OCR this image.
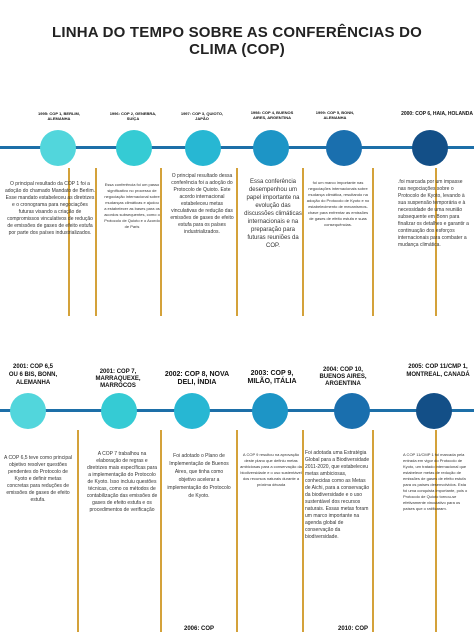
LINHA DO TEMPO SOBRE AS CONFERÊNCIAS DO CLIMA (COP)
1995: COP 1, BERLIM, ALEMANHA
1996: COP 2, GENEBRA, SUÍÇA
1997: COP 3, QUIOTO, JAPÃO
1998: COP 4, BUENOS AIRES, ARGENTINA
1999: COP 5, BONN, ALEMANHA
2000: COP 6, HAIA, HOLANDA
O principal resultado da COP 1 foi a adoção do chamado Mandato de Berlim. Esse mandato estabeleceu as diretrizes e o cronograma para negociações futuras visando a criação de compromissos vinculativos de redução de emissões de gases de efeito estufa por parte dos países industrializados.
Essa conferência foi um passo significativo no processo de negociação internacional sobre mudanças climáticas e ajudou a estabelecer as bases para os acordos subsequentes, como o Protocolo de Quioto e o Acordo de Paris
O principal resultado dessa conferência foi a adoção do Protocolo de Quioto. Este acordo internacional estabeleceu metas vinculativas de redução das emissões de gases de efeito estufa para os países industrializados.
Essa conferência desempenhou um papel importante na evolução das discussões climáticas internacionais e na preparação para futuras reuniões da COP.
foi um marco importante nas negociações internacionais sobre mudança climática, resultando na adoção do Protocolo de Kyoto e no estabelecimento de mecanismos-chave para enfrentar as emissões de gases de efeito estufa e suas consequências.
.foi marcada por um impasse nas negociações sobre o Protocolo de Kyoto, levando à sua suspensão temporária e à necessidade de uma reunião subsequente em Bonn para finalizar os detalhes e garantir a continuação dos esforços internacionais para combater a mudança climática.
2001: COP 6,5 OU 6 BIS, BONN, ALEMANHA
2001: COP 7, MARRAQUEXE, MARROCOS
2002: COP 8, NOVA DELI, ÍNDIA
2003: COP 9, MILÃO, ITÁLIA
2004: COP 10, BUENOS AIRES, ARGENTINA
2005: COP 11/CMP 1, MONTREAL, CANADÁ
A COP 6,5 teve como principal objetivo resolver questões pendentes do Protocolo de Kyoto e definir metas concretas para reduções de emissões de gases de efeito estufa.
A COP 7 trabalhou na elaboração de regras e diretrizes mais específicas para a implementação do Protocolo de Kyoto. Isso incluiu questões técnicas, como os métodos de contabilização das emissões de gases de efeito estufa e os procedimentos de verificação
Foi adotado o Plano de Implementação de Buenos Aires, que tinha como objetivo acelerar a implementação do Protocolo de Kyoto.
A COP 9 resultou na aprovação deste plano que definiu metas ambiciosas para a conservação da biodiversidade e o uso sustentável dos recursos naturais durante a próxima década
Foi adotada uma Estratégia Global para a Biodiversidade 2011-2020, que estabeleceu metas ambiciosas, conhecidas como as Metas de Aichi, para a conservação da biodiversidade e o uso sustentável dos recursos naturais. Essas metas foram um marco importante na agenda global de conservação da biodiversidade.
A COP 11/CMP 1 foi marcada pela entrada em vigor do Protocolo de Kyoto, um tratado internacional que estabelece metas de redução de emissões de gases de efeito estufa para os países desenvolvidos. Esta foi uma conquista importante, pois o Protocolo de Quioto tornou-se efetivamente vinculativo para os países que o ratificaram.
2006: COP	2010: COP
